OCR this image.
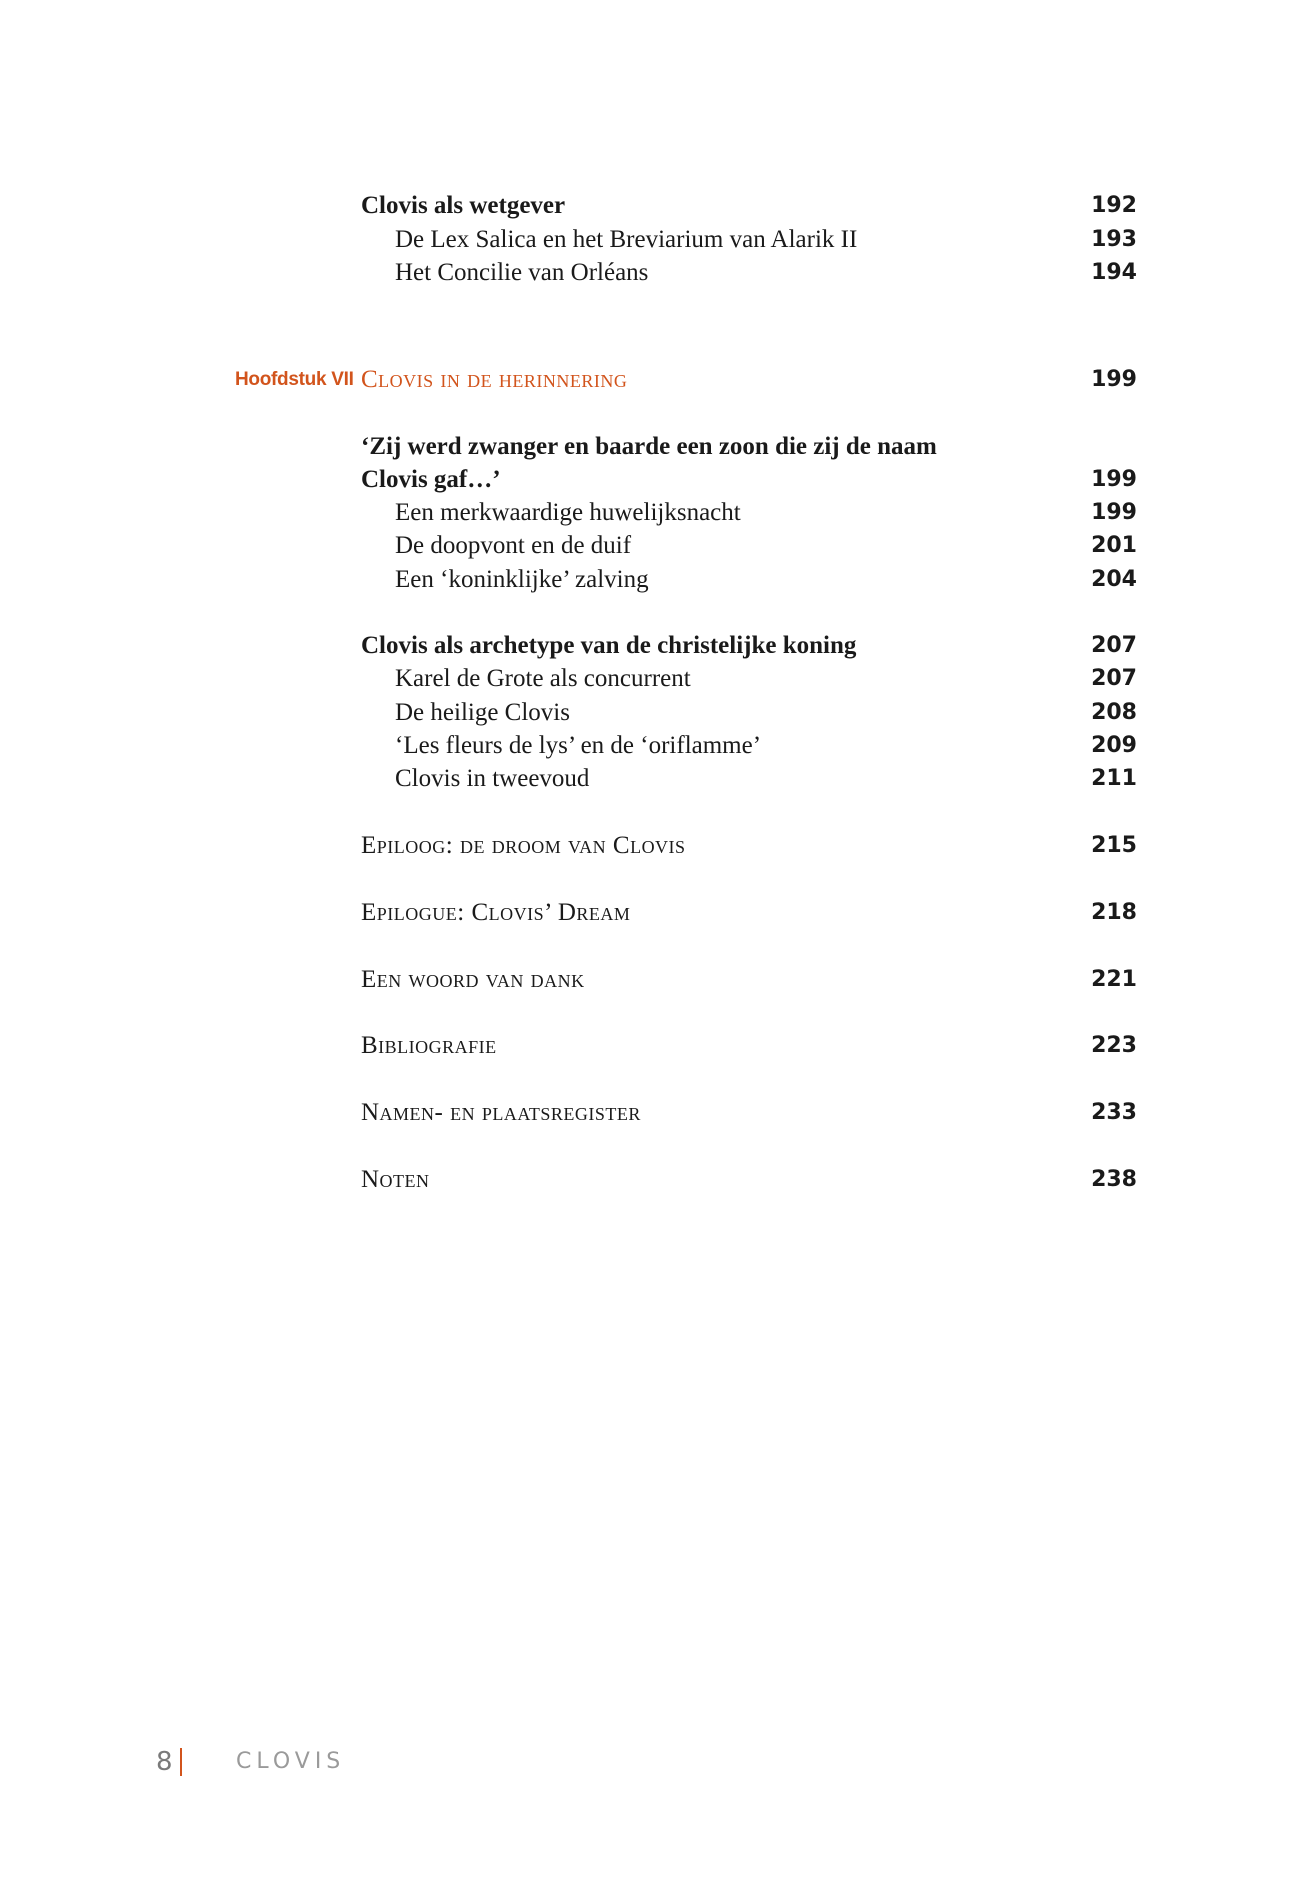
Clovis als wetgever	192
De Lex Salica en het Breviarium van Alarik II	193
Het Concilie van Orléans	194
Hoofdstuk VII Clovis in de herinnering	199
‘Zij werd zwanger en baarde een zoon die zij de naam
Clovis gaf…’	199
Een merkwaardige huwelijksnacht	199
De doopvont en de duif	201
Een ‘koninklijke’ zalving	204
Clovis als archetype van de christelijke koning	207
Karel de Grote als concurrent	207
De heilige Clovis	208
‘Les fleurs de lys’ en de ‘oriflamme’	209
Clovis in tweevoud	211
Epiloog: de droom van Clovis	215
Epilogue: Clovis’ Dream	218
Een woord van dank	221
Bibliografie	223
Namen- en plaatsregister	233
Noten	238
8	CLOVIS
